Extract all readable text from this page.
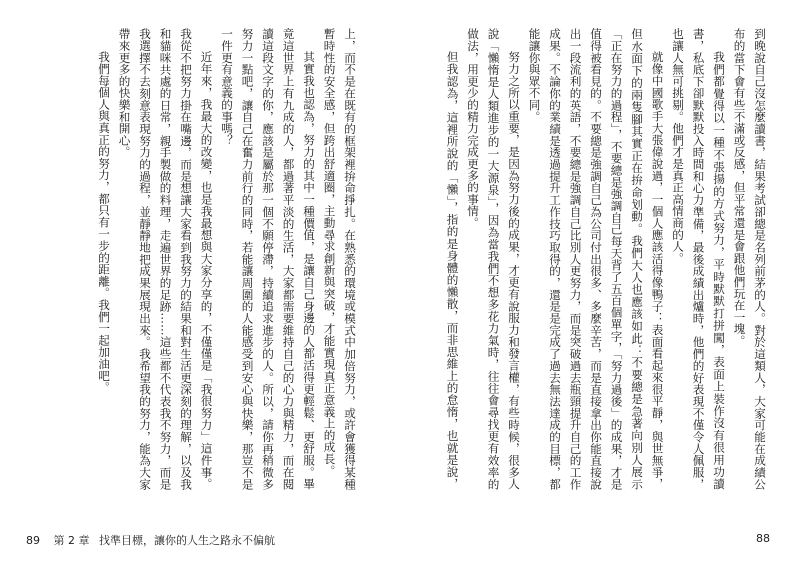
到晚說自己沒怎麼讀書，結果考試卻總是名列前茅的人。對於這類人，大家可能在成績公布的當下會有些不滿或反感，但平常還是會跟他們玩在一塊。

我們都覺得以一種不張揚的方式努力，平時默默打拼闖，表面上裝作沒有很用功讀書，私底下卻默默投入時間和心力準備，最後成績出爐時，他們的好表現不僅令人佩服，也讓人無可挑剔。他們才是真正高情商的人。

就像中國歌手大張偉說過，一個人應該活得像鴨子：表面看起來很平靜，與世無爭，但水面下的兩隻腳其實正在拚命划動。我們大人也應該如此：不要總是急著向別人展示「正在努力的過程」，不要總是強調自己每天背了五百個單字，「努力過後」的成果，才是值得被看見的。不要總是強調自己為公司付出很多、多麼辛苦，而是直接拿出你能直接說出一段流利的英語，不要總是強調自己比別人更努力，而是突破過去瓶頸提升自己的工作成果。不論你的業績是透過提升工作技巧取得的，還是是完成了過去無法達成的目標，都能讓你與眾不同。

努力之所以重要，是因為努力後的成果，才更有說服力和發言權，有些時候，很多人說「懶惰是人類進步的一大源泉」，因為當我們不想多花力氣時，往往會尋找更有效率的做法，用更少的精力完成更多的事情。

但我認為，這裡所說的「懶」，指的是身體的懶散，而非思維上的怠惰，也就是說，

88

上，而不是在既有的框架裡拚命掙扎。在熟悉的環境或模式中加倍努力，或許會獲得某種暫時性的安全感，但跨出舒適圈，主動尋求創新與突破，才能實現真正意義上的成長。

其實我也認為，努力的其中一種價值，是讓自己身邊的人都活得更輕鬆、更舒服。畢竟這世界上有九成的人，都過著平淡的生活，大家都需要維持自己的心力與精力，而在閱讀這段文字的你，應該是屬於那一個不願停滯，持續追求進步的人。所以，請你再稍微多努力一點吧，讓自己在奮力前行的同時，若能讓周圍的人能感受到安心與快樂，那豈不是一件更有意義的事嗎？

近年來，我最大的改變，也是我最想與大家分享的，不僅僅是「我很努力」這件事。我從不把努力掛在嘴邊，而是想讓大家看到我努力的結果和對生活更深刻的理解，以及我和貓咪共處的日常，親手製做的料理，走遍世界的足跡……這些都不代表我不努力，而是我選擇不去刻意表現努力的過程，並靜靜地把成果展現出來。我希望我的努力，能為大家帶來更多的快樂和開心。

我們每個人與真正的努力，都只有一步的距離。我們一起加油吧。

89 第 2 章 找準目標，讓你的人生之路永不偏航
